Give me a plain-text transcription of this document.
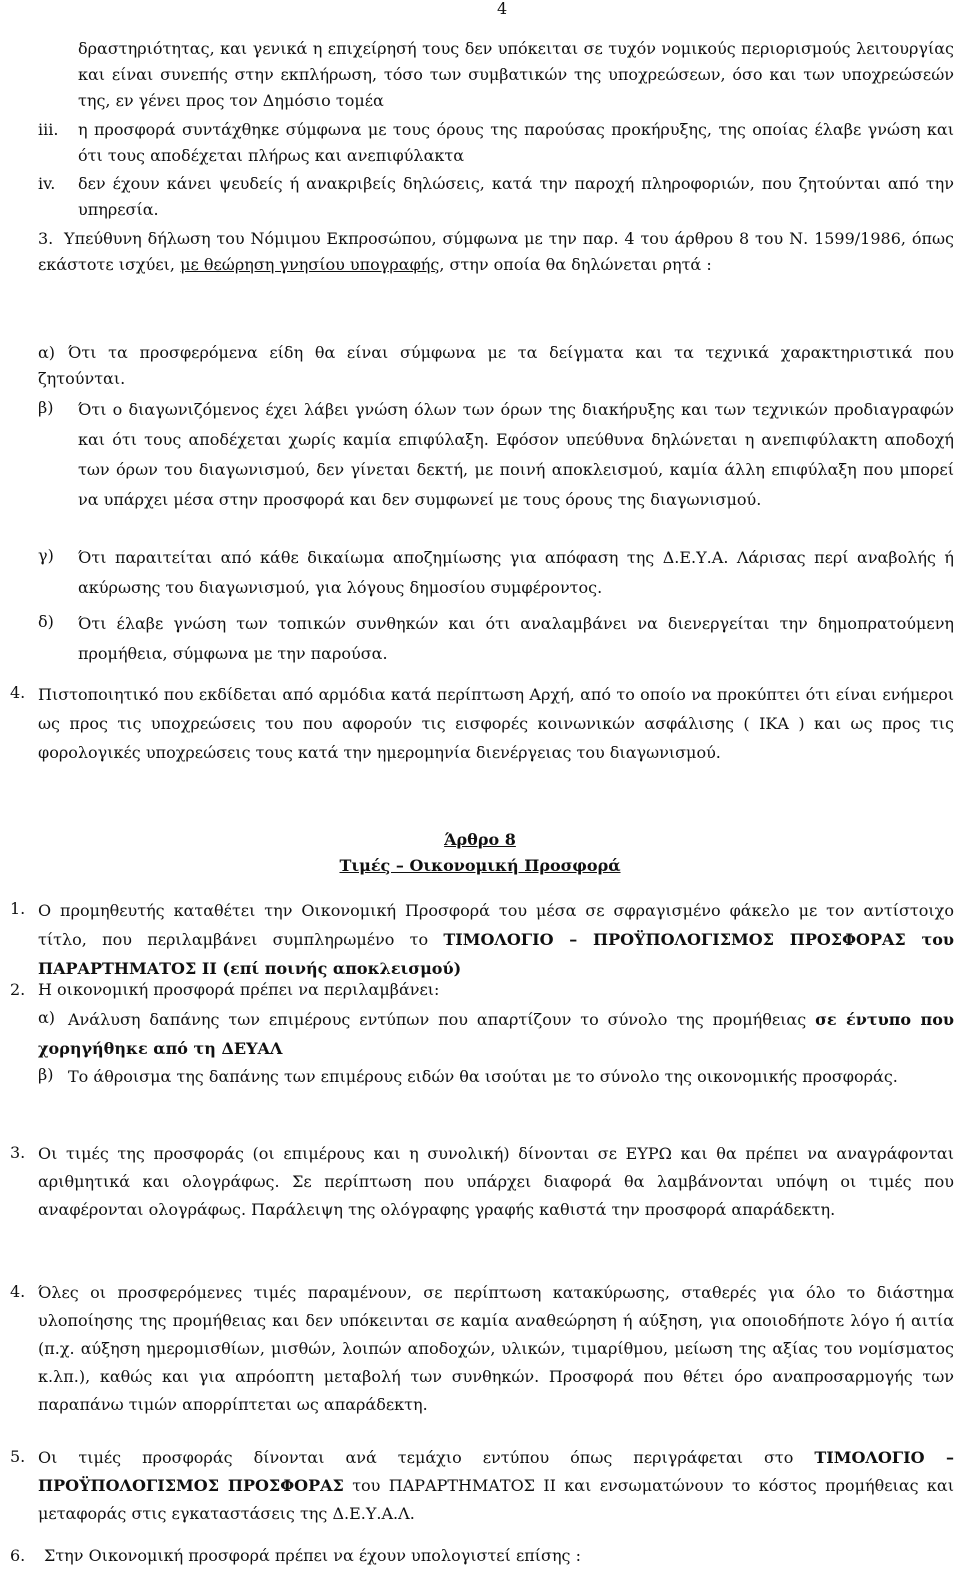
4

δραστηριότητας, και γενικά η επιχείρησή τους δεν υπόκειται σε τυχόν νομικούς περιορισμούς λειτουργίας και είναι συνεπής στην εκπλήρωση, τόσο των συμβατικών της υποχρεώσεων, όσο και των υποχρεώσεών της, εν γένει προς τον Δημόσιο τομέα

iii. η προσφορά συντάχθηκε σύμφωνα με τους όρους της παρούσας προκήρυξης, της οποίας έλαβε γνώση και ότι τους αποδέχεται πλήρως και ανεπιφύλακτα

iv. δεν έχουν κάνει ψευδείς ή ανακριβείς δηλώσεις, κατά την παροχή πληροφοριών, που ζητούνται από την υπηρεσία.

3. Υπεύθυνη δήλωση του Νόμιμου Εκπροσώπου, σύμφωνα με την παρ. 4 του άρθρου 8 του Ν. 1599/1986, όπως εκάστοτε ισχύει, με θεώρηση γνησίου υπογραφής, στην οποία θα δηλώνεται ρητά :

α) Ότι τα προσφερόμενα είδη θα είναι σύμφωνα με τα δείγματα και τα τεχνικά χαρακτηριστικά που ζητούνται.

β) Ότι ο διαγωνιζόμενος έχει λάβει γνώση όλων των όρων της διακήρυξης και των τεχνικών προδιαγραφών και ότι τους αποδέχεται χωρίς καμία επιφύλαξη. Εφόσον υπεύθυνα δηλώνεται η ανεπιφύλακτη αποδοχή των όρων του διαγωνισμού, δεν γίνεται δεκτή, με ποινή αποκλεισμού, καμία άλλη επιφύλαξη που μπορεί να υπάρχει μέσα στην προσφορά και δεν συμφωνεί με τους όρους της διαγωνισμού.

γ) Ότι παραιτείται από κάθε δικαίωμα αποζημίωσης για απόφαση της Δ.Ε.Υ.Α. Λάρισας περί αναβολής ή ακύρωσης του διαγωνισμού, για λόγους δημοσίου συμφέροντος.

δ) Ότι έλαβε γνώση των τοπικών συνθηκών και ότι αναλαμβάνει να διενεργείται την δημοπρατούμενη προμήθεια, σύμφωνα με την παρούσα.

4. Πιστοποιητικό που εκδίδεται από αρμόδια κατά περίπτωση Αρχή, από το οποίο να προκύπτει ότι είναι ενήμεροι ως προς τις υποχρεώσεις του που αφορούν τις εισφορές κοινωνικών ασφάλισης ( ΙΚΑ ) και ως προς τις φορολογικές υποχρεώσεις τους κατά την ημερομηνία διενέργειας του διαγωνισμού.

Άρθρο 8
Τιμές – Οικονομική Προσφορά
1. Ο προμηθευτής καταθέτει την Οικονομική Προσφορά του μέσα σε σφραγισμένο φάκελο με τον αντίστοιχο τίτλο, που περιλαμβάνει συμπληρωμένο το ΤΙΜΟΛΟΓΙΟ – ΠΡΟΫΠΟΛΟΓΙΣΜΟΣ ΠΡΟΣΦΟΡΑΣ του ΠΑΡΑΡΤΗΜΑΤΟΣ ΙΙ (επί ποινής αποκλεισμού)

2. Η οικονομική προσφορά πρέπει να περιλαμβάνει:

α) Ανάλυση δαπάνης των επιμέρους εντύπων που απαρτίζουν το σύνολο της προμήθειας σε έντυπο που χορηγήθηκε από τη ΔΕΥΑΛ

β) Το άθροισμα της δαπάνης των επιμέρους ειδών θα ισούται με το σύνολο της οικονομικής προσφοράς.

3. Οι τιμές της προσφοράς (οι επιμέρους και η συνολική) δίνονται σε ΕΥΡΩ και θα πρέπει να αναγράφονται αριθμητικά και ολογράφως. Σε περίπτωση που υπάρχει διαφορά θα λαμβάνονται υπόψη οι τιμές που αναφέρονται ολογράφως. Παράλειψη της ολόγραφης γραφής καθιστά την προσφορά απαράδεκτη.

4. Όλες οι προσφερόμενες τιμές παραμένουν, σε περίπτωση κατακύρωσης, σταθερές για όλο το διάστημα υλοποίησης της προμήθειας και δεν υπόκεινται σε καμία αναθεώρηση ή αύξηση, για οποιοδήποτε λόγο ή αιτία (π.χ. αύξηση ημερομισθίων, μισθών, λοιπών αποδοχών, υλικών, τιμαρίθμου, μείωση της αξίας του νομίσματος κ.λπ.), καθώς και για απρόοπτη μεταβολή των συνθηκών. Προσφορά που θέτει όρο αναπροσαρμογής των παραπάνω τιμών απορρίπτεται ως απαράδεκτη.

5. Οι τιμές προσφοράς δίνονται ανά τεμάχιο εντύπου όπως περιγράφεται στο ΤΙΜΟΛΟΓΙΟ – ΠΡΟΫΠΟΛΟΓΙΣΜΟΣ ΠΡΟΣΦΟΡΑΣ του ΠΑΡΑΡΤΗΜΑΤΟΣ ΙΙ και ενσωματώνουν το κόστος προμήθειας και μεταφοράς στις εγκαταστάσεις της Δ.Ε.Υ.Α.Λ.

6. Στην Οικονομική προσφορά πρέπει να έχουν υπολογιστεί επίσης :
